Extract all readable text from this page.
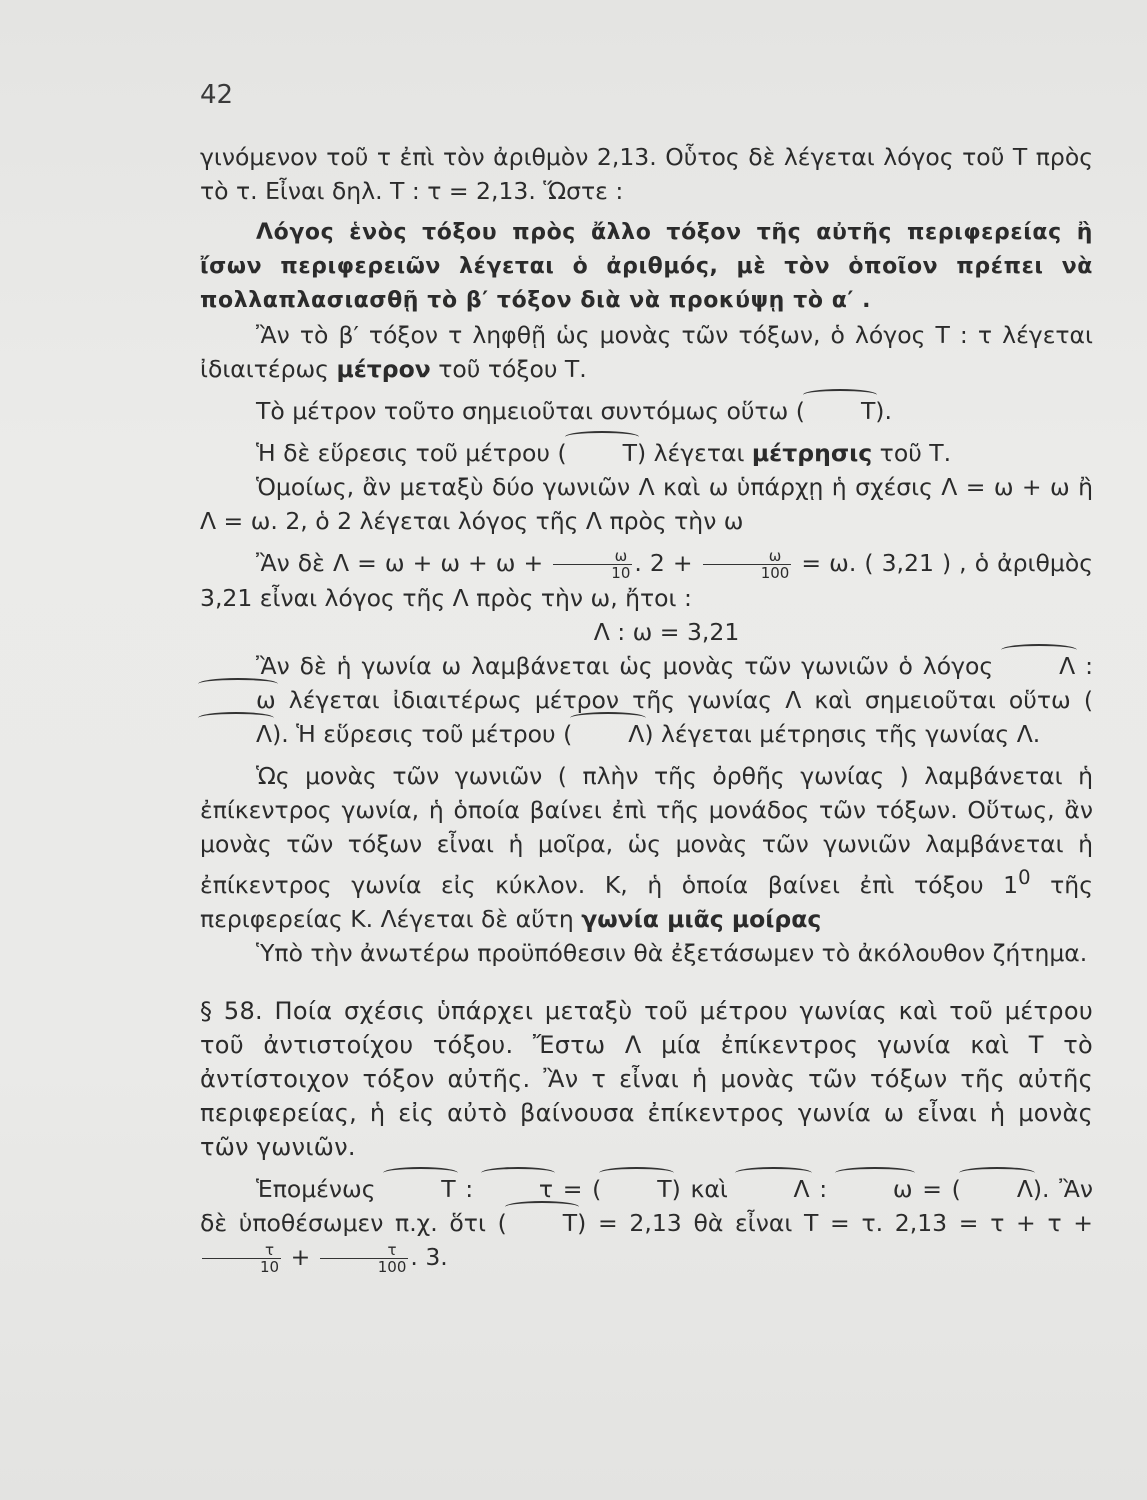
42

γινόμενον τοῦ τ ἐπὶ τὸν ἀριθμὸν 2,13. Οὗτος δὲ λέγεται λόγος τοῦ Τ πρὸς τὸ τ. Εἶναι δηλ. Τ : τ = 2,13. Ὥστε :

Λόγος ἑνὸς τόξου πρὸς ἄλλο τόξον τῆς αὐτῆς περιφερείας ἢ ἴσων περιφερειῶν λέγεται ὁ ἀριθμός, μὲ τὸν ὁποῖον πρέπει νὰ πολλαπλασιασθῇ τὸ β′ τόξον διὰ νὰ προκύψῃ τὸ α′ .

Ἂν τὸ β′ τόξον τ ληφθῇ ὡς μονὰς τῶν τόξων, ὁ λόγος Τ : τ λέγεται ἰδιαιτέρως μέτρον τοῦ τόξου Τ.

Τὸ μέτρον τοῦτο σημειοῦται συντόμως οὕτω ( Τ).

Ἡ δὲ εὕρεσις τοῦ μέτρου ( Τ) λέγεται μέτρησις τοῦ Τ.

Ὁμοίως, ἂν μεταξὺ δύο γωνιῶν Λ καὶ ω ὑπάρχῃ ἡ σχέσις Λ = ω + ω ἢ Λ = ω. 2, ὁ 2 λέγεται λόγος τῆς Λ πρὸς τὴν ω

Ἂν δὲ $\Lambda = \omega + \omega + \omega + \frac{\omega}{10}$ . $2 + \frac{\omega}{100} = \omega$. ( 3,21 ) , ὁ ἀριθμὸς 3,21 εἶναι λόγος τῆς Λ πρὸς τὴν ω, ἤτοι :

Λ : ω = 3,21

Ἂν δὲ ἡ γωνία ω λαμβάνεται ὡς μονὰς τῶν γωνιῶν ὁ λόγος Λ : ω λέγεται ἰδιαιτέρως μέτρον τῆς γωνίας Λ καὶ σημειοῦται οὕτω (Λ). Ἡ εὕρεσις τοῦ μέτρου ( Λ) λέγεται μέτρησις τῆς γωνίας Λ.

Ὡς μονὰς τῶν γωνιῶν ( πλὴν τῆς ὀρθῆς γωνίας ) λαμβάνεται ἡ ἐπίκεντρος γωνία, ἡ ὁποία βαίνει ἐπὶ τῆς μονάδος τῶν τόξων. Οὕτως, ἂν μονὰς τῶν τόξων εἶναι ἡ μοῖρα, ὡς μονὰς τῶν γωνιῶν λαμβάνεται ἡ ἐπίκεντρος γωνία εἰς κύκλον. Κ, ἡ ὁποία βαίνει ἐπὶ τόξου $1^0$ τῆς περιφερείας Κ. Λέγεται δὲ αὕτη γωνία μιᾶς μοίρας

Ὑπὸ τὴν ἀνωτέρω προϋπόθεσιν θὰ ἐξετάσωμεν τὸ ἀκόλουθον ζήτημα.

§ 58. Ποία σχέσις ὑπάρχει μεταξὺ τοῦ μέτρου γωνίας καὶ τοῦ μέτρου τοῦ ἀντιστοίχου τόξου. Ἔστω Λ μία ἐπίκεντρος γωνία καὶ Τ τὸ ἀντίστοιχον τόξον αὐτῆς. Ἂν τ εἶναι ἡ μονὰς τῶν τόξων τῆς αὐτῆς περιφερείας, ἡ εἰς αὐτὸ βαίνουσα ἐπίκεντρος γωνία ω εἶναι ἡ μονὰς τῶν γωνιῶν.

Ἑπομένως Τ : τ = ( Τ) καὶ Λ : ω = ( Λ). Ἂν δὲ ὑποθέσωμεν π.χ. ὅτι ( Τ) = 2,13 θὰ εἶναι Τ = τ. 2,13 = τ + τ +
$\frac{\tau}{10} + \frac{\tau}{100}$ . 3.
